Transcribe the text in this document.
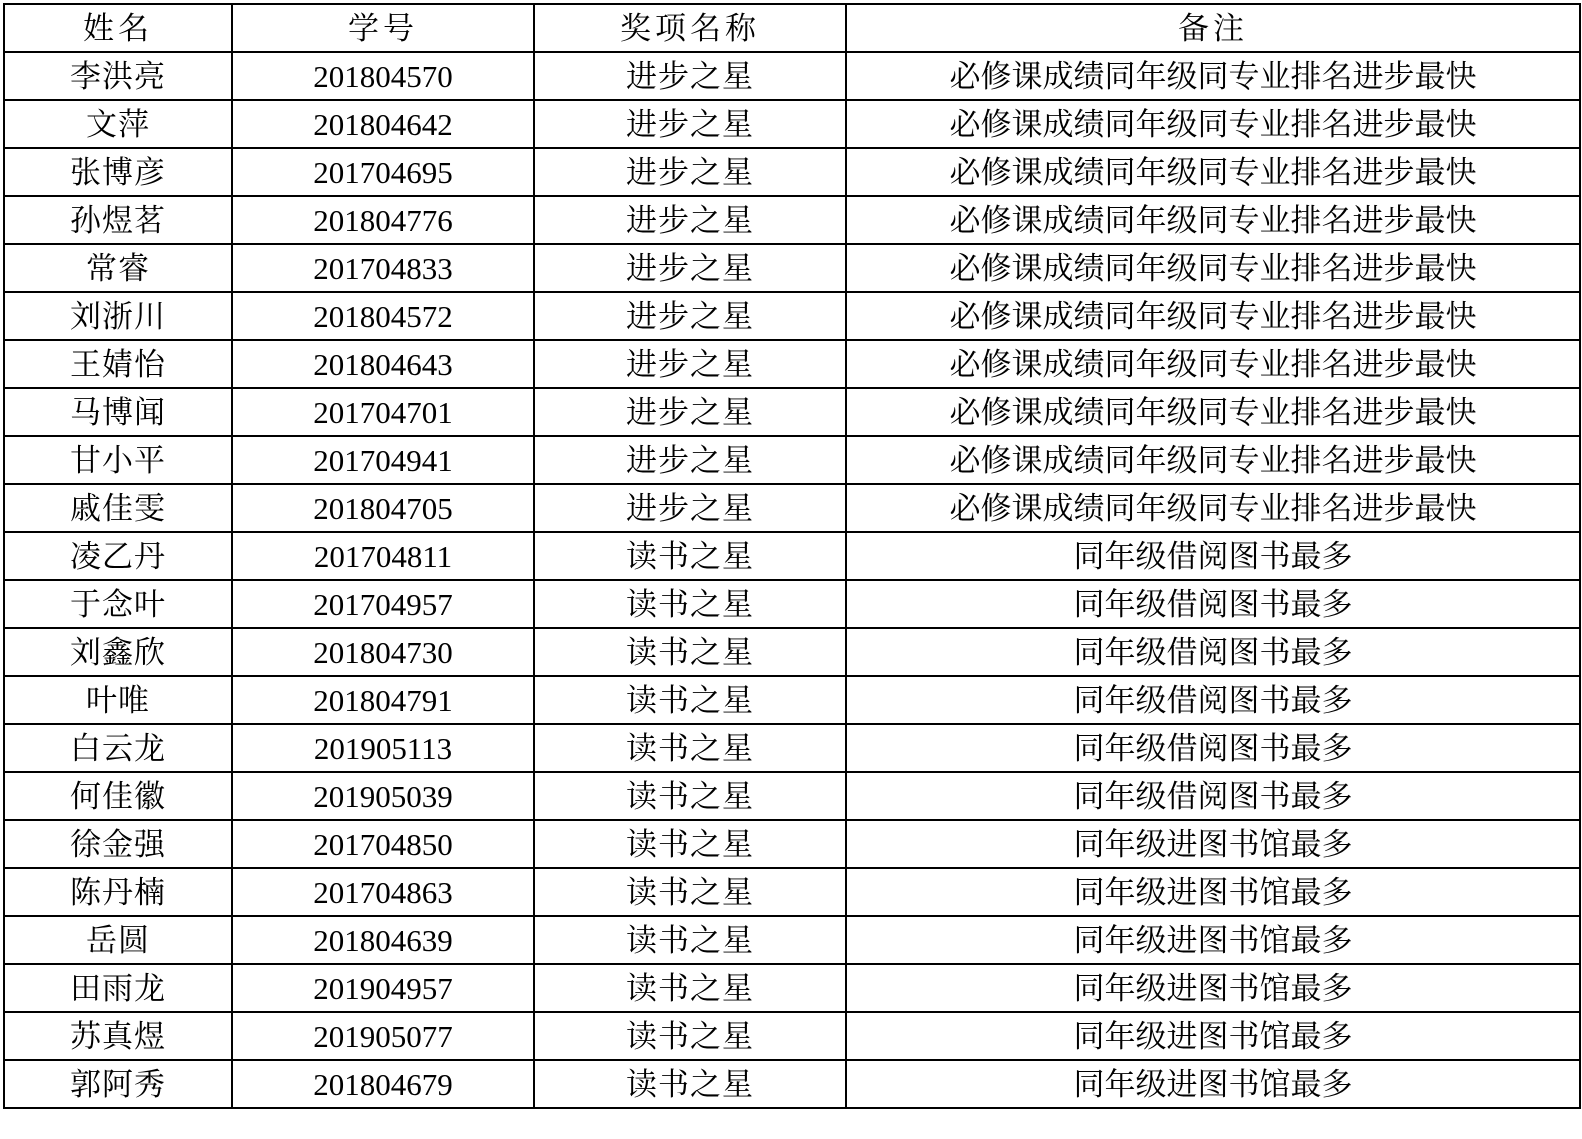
姓名	学号	奖项名称	备注
李洪亮	201804570	进步之星	必修课成绩同年级同专业排名进步最快
文萍	201804642	进步之星	必修课成绩同年级同专业排名进步最快
张博彦	201704695	进步之星	必修课成绩同年级同专业排名进步最快
孙煜茗	201804776	进步之星	必修课成绩同年级同专业排名进步最快
常睿	201704833	进步之星	必修课成绩同年级同专业排名进步最快
刘浙川	201804572	进步之星	必修课成绩同年级同专业排名进步最快
王婧怡	201804643	进步之星	必修课成绩同年级同专业排名进步最快
马博闻	201704701	进步之星	必修课成绩同年级同专业排名进步最快
甘小平	201704941	进步之星	必修课成绩同年级同专业排名进步最快
戚佳雯	201804705	进步之星	必修课成绩同年级同专业排名进步最快
凌乙丹	201704811	读书之星	同年级借阅图书最多
于念叶	201704957	读书之星	同年级借阅图书最多
刘鑫欣	201804730	读书之星	同年级借阅图书最多
叶唯	201804791	读书之星	同年级借阅图书最多
白云龙	201905113	读书之星	同年级借阅图书最多
何佳徽	201905039	读书之星	同年级借阅图书最多
徐金强	201704850	读书之星	同年级进图书馆最多
陈丹楠	201704863	读书之星	同年级进图书馆最多
岳圆	201804639	读书之星	同年级进图书馆最多
田雨龙	201904957	读书之星	同年级进图书馆最多
苏真煜	201905077	读书之星	同年级进图书馆最多
郭阿秀	201804679	读书之星	同年级进图书馆最多
